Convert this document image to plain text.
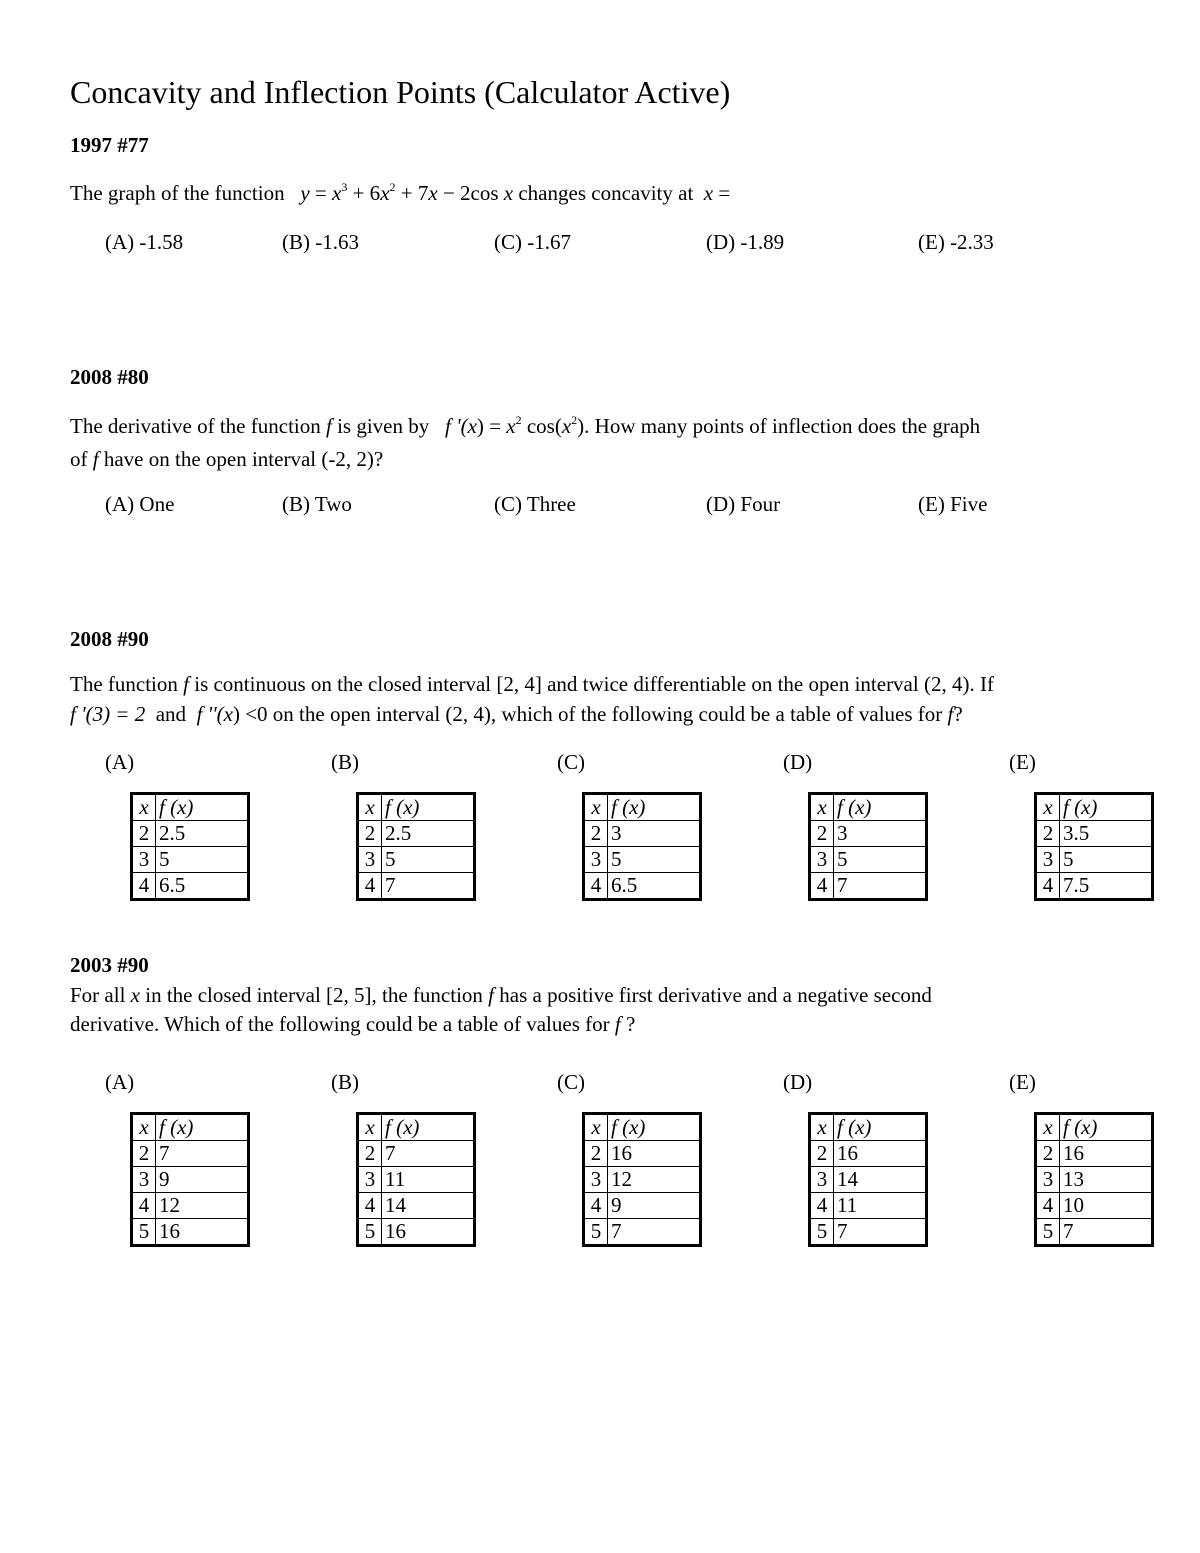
Concavity and Inflection Points (Calculator Active)
1997 #77
The graph of the function   $y = x^3 + 6x^2 + 7x - 2\cos$ x changes concavity at  x =
(A) -1.58	(B) -1.63	(C) -1.67	(D) -1.89	(E) -2.33
2008 #80
The derivative of the function f is given by   f '$(x) = x^2$ $\cos(x^2)$. How many points of inflection does the graph
of f have on the open interval (-2, 2)?
(A) One	(B) Two	(C) Three	(D) Four	(E) Five
2008 #90
The function f is continuous on the closed interval [2, 4] and twice differentiable on the open interval (2, 4). If
f '(3) = 2  and  f ''(x) <0 on the open interval (2, 4), which of the following could be a table of values for f?
(A)
x	f (x)
2	2.5
3	5
4	6.5
(B)
x	f (x)
2	2.5
3	5
4	7
(C)
x	f (x)
2	3
3	5
4	6.5
(D)
x	f (x)
2	3
3	5
4	7
(E)
x	f (x)
2	3.5
3	5
4	7.5
2003 #90
For all x in the closed interval [2, 5], the function f has a positive first derivative and a negative second
derivative. Which of the following could be a table of values for f ?
(A)
x	f (x)
2	7
3	9
4	12
5	16
(B)
x	f (x)
2	7
3	11
4	14
5	16
(C)
x	f (x)
2	16
3	12
4	9
5	7
(D)
x	f (x)
2	16
3	14
4	11
5	7
(E)
x	f (x)
2	16
3	13
4	10
5	7
